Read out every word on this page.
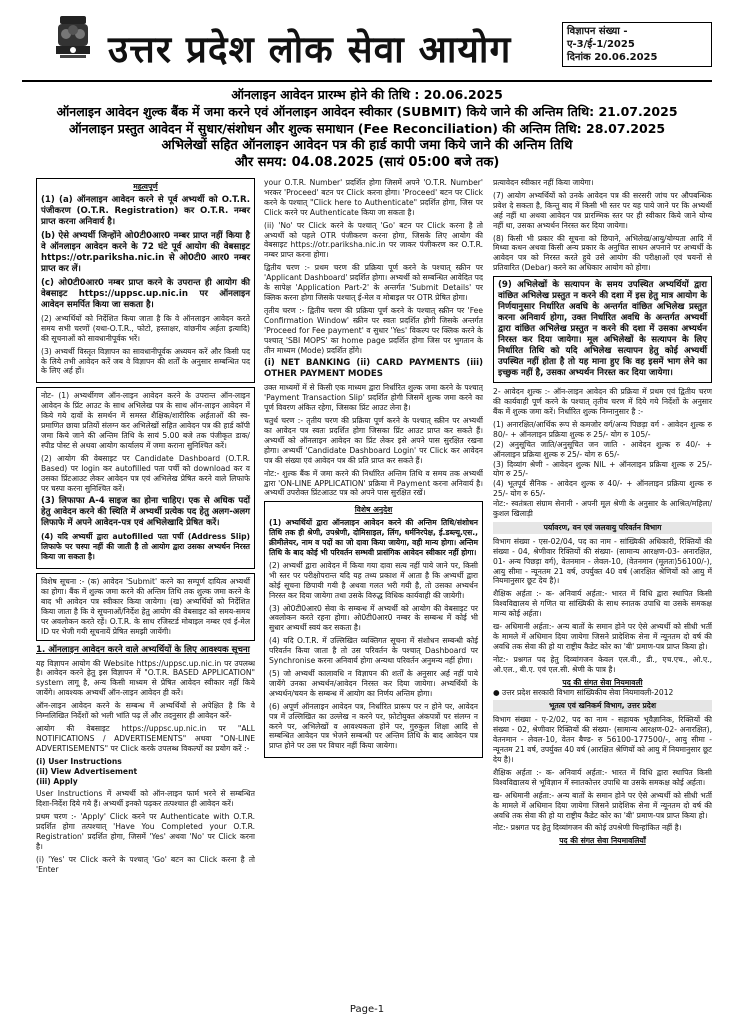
उत्तर प्रदेश लोक सेवा आयोग	विज्ञापन संख्या -
ए-3/ई-1/2025
दिनांक 20.06.2025
ऑनलाइन आवेदन प्रारम्भ होने की तिथि : 20.06.2025
ऑनलाइन आवेदन शुल्क बैंक में जमा करने एवं ऑनलाइन आवेदन स्वीकार (SUBMIT) किये जाने की अन्तिम तिथि: 21.07.2025
ऑनलाइन प्रस्तुत आवेदन में सुधार/संशोधन और शुल्क समाधान (Fee Reconciliation) की अन्तिम तिथि: 28.07.2025
अभिलेखों सहित ऑनलाइन आवेदन पत्र की हार्ड कापी जमा किये जाने की अन्तिम तिथि
और समय: 04.08.2025 (सायं 05:00 बजे तक)
महत्वपूर्ण
(1) (a) ऑनलाइन आवेदन करने से पूर्व अभ्यर्थी को O.T.R. पंजीकरण (O.T.R. Registration) कर O.T.R. नम्बर प्राप्त करना अनिवार्य है।
(b) ऐसे अभ्यर्थी जिन्होंने ओ0टी0आर0 नम्बर प्राप्त नहीं किया है वे ऑनलाइन आवेदन करने के 72 घंटे पूर्व आयोग की वेबसाइट https://otr.pariksha.nic.in से ओ0टी0 आर0 नम्बर प्राप्त कर लें।
(c) ओ0टी0आर0 नम्बर प्राप्त करने के उपरान्त ही आयोग की वेबसाइट https://uppsc.up.nic.in पर ऑनलाइन आवेदन समर्पित किया जा सकता है।
(2) अभ्यर्थियों को निर्देशित किया जाता है कि वे ऑनलाइन आवेदन करते समय सभी चरणों (यथा-O.T.R., फोटो, हस्ताक्षर, वांछनीय अर्हता इत्यादि) की सूचनाओं को सावधानीपूर्वक भरें।
(3) अभ्यर्थी विस्तृत विज्ञापन का सावधानीपूर्वक अध्ययन करें और किसी पद के लिये तभी आवेदन करें जब वे विज्ञापन की शर्तों के अनुसार सम्बन्धित पद के लिए अर्ह हों।
नोट- (1) अभ्यर्थीगण ऑन-लाइन आवेदन करने के उपरान्त ऑन-लाइन आवेदन के प्रिंट आउट के साथ अभिलेख पत्र के साथ ऑन-लाइन आवेदन में किये गये दावों के समर्थन में समस्त शैक्षिक/शारीरिक अर्हताओं की स्व-प्रमाणित छाया प्रतियों संलग्न कर अभिलेखों सहित आवेदन पत्र की हार्ड कॉपी जमा किये जाने की अन्तिम तिथि के सायं 5.00 बजे तक पंजीकृत डाक/स्पीड पोस्ट से अथवा आयोग कार्यालय में जमा कराना सुनिश्चित करें।
(2) आयोग की वेबसाइट पर Candidate Dashboard (O.T.R. Based) पर login कर autofilled पता पर्ची को download कर व उसका प्रिंटआउट लेकर आवेदन पत्र एवं अभिलेख प्रेषित करने वाले लिफाफे पर चस्पा करना सुनिश्चित करें।
(3) लिफाफा A-4 साइज का होना चाहिए। एक से अधिक पदों हेतु आवेदन करने की स्थिति में अभ्यर्थी प्रत्येक पद हेतु अलग-अलग लिफाफे में अपने आवेदन-पत्र एवं अभिलेखादि प्रेषित करें।
(4) यदि अभ्यर्थी द्वारा autofilled पता पर्ची (Address Slip) लिफाफे पर चस्पा नहीं की जाती है तो आयोग द्वारा उसका अभ्यर्थन निरस्त किया जा सकता है।
विशेष सूचना :- (क) आवेदन 'Submit' करने का सम्पूर्ण दायित्व अभ्यर्थी का होगा। बैंक में शुल्क जमा करने की अन्तिम तिथि तक शुल्क जमा करने के बाद भी आवेदन पत्र स्वीकार किया जायेगा। (ख) अभ्यर्थियों को निर्देशित किया जाता है कि वे सूचनाओं/निर्देश हेतु आयोग की वेबसाइट को समय-समय पर अवलोकन करते रहें। O.T.R. के साथ रजिस्टर्ड मोबाइल नम्बर एवं ई-मेल ID पर भेजी गयी सूचनायें प्रेषित समझी जायेंगी।
1. ऑनलाइन आवेदन करने वाले अभ्यर्थियों के लिए आवश्यक सूचना
यह विज्ञापन आयोग की Website https://uppsc.up.nic.in पर उपलब्ध है। आवेदन करने हेतु इस विज्ञापन में "O.T.R. BASED APPLICATION" system लागू है, अन्य किसी माध्यम से प्रेषित आवेदन स्वीकार नहीं किये जायेंगे। आवश्यक अभ्यर्थी ऑन-लाइन आवेदन ही करें।
ऑन-लाइन आवेदन करने के सम्बन्ध में अभ्यर्थियों से अपेक्षित है कि वे निम्नलिखित निर्देशों को भली भांति पढ़ लें और तदनुसार ही आवेदन करें-
आयोग की वेबसाइट https://uppsc.up.nic.in पर "ALL NOTIFICATIONS / ADVERTISEMENTS" अथवा "ON-LINE ADVERTISEMENTS" पर Click करके उपलब्ध विकल्पों का प्रयोग करें :-
(i) User Instructions
(ii) View Advertisement
(iii) Apply
User Instructions में अभ्यर्थी को ऑन-लाइन फार्म भरने से सम्बन्धित दिशा-निर्देश दिये गये हैं। अभ्यर्थी इनको पढ़कर तत्पश्चात ही आवेदन करें।
प्रथम चरण :- 'Apply' Click करने पर Authenticate with O.T.R. प्रदर्शित होगा तत्पश्चात् 'Have You Completed your O.T.R. Registration' प्रदर्शित होगा, जिसमें 'Yes' अथवा 'No' पर Click करना है।
(i) 'Yes' पर Click करने के पश्चात् 'Go' बटन का Click करना है तो 'Enter
your O.T.R. Number' प्रदर्शित होगा जिसमें अपने 'O.T.R. Number' भरकर 'Proceed' बटन पर Click करना होगा। 'Proceed' बटन पर Click करने के पश्चात् "Click here to Authenticate" प्रदर्शित होगा, जिस पर Click करने पर Authenticate किया जा सकता है।
(ii) 'No' पर Click करने के पश्चात् 'Go' बटन पर Click करना है तो अभ्यर्थी को पहले OTR पंजीकरण करना होगा, जिसके लिए आयोग की वेबसाइट https://otr.pariksha.nic.in पर जाकर पंजीकरण कर O.T.R. नम्बर प्राप्त करना होगा।
द्वितीय चरण :- प्रथम चरण की प्रक्रिया पूर्ण करने के पश्चात् स्क्रीन पर 'Applicant Dashboard' प्रदर्शित होगा। अभ्यर्थी को सम्बन्धित आवेदित पद के सापेक्ष 'Application Part-2' के अन्तर्गत 'Submit Details' पर क्लिक करना होगा जिसके पश्चात् ई-मेल व मोबाइल पर OTR प्रेषित होगा।
तृतीय चरण :- द्वितीय चरण की प्रक्रिया पूर्ण करने के पश्चात् स्क्रीन पर 'Fee Confirmation Window' स्क्रीन पर स्वतः प्रदर्शित होगी जिसके अन्तर्गत 'Proceed for Fee payment' व सुधार 'Yes' विकल्प पर क्लिक करने के पश्चात् 'SBI MOPS' का home page प्रदर्शित होगा जिस पर भुगतान के तीन माध्यम (Mode) प्रदर्शित होंगे।
(i) NET BANKING (ii) CARD PAYMENTS (iii) OTHER PAYMENT MODES
उक्त माध्यमों में से किसी एक माध्यम द्वारा निर्धारित शुल्क जमा करने के पश्चात् 'Payment Transaction Slip' प्रदर्शित होगी जिसमें शुल्क जमा करने का पूर्ण विवरण अंकित रहेगा, जिसका प्रिंट आउट लेना है।
चतुर्थ चरण :- तृतीय चरण की प्रक्रिया पूर्ण करने के पश्चात् स्क्रीन पर अभ्यर्थी का आवेदन पत्र स्वतः प्रदर्शित होगा जिसका प्रिंट आउट प्राप्त कर सकते हैं। अभ्यर्थी को ऑनलाइन आवेदन का प्रिंट लेकर इसे अपने पास सुरक्षित रखना होगा। अभ्यर्थी 'Candidate Dashboard Login' पर Click कर आवेदन पत्र की संख्या एवं आवेदन पत्र की प्रति प्राप्त कर सकते हैं।
नोट:- शुल्क बैंक में जमा करने की निर्धारित अन्तिम तिथि व समय तक अभ्यर्थी द्वारा 'ON-LINE APPLICATION' प्रक्रिया में Payment करना अनिवार्य है। अभ्यर्थी उपरोक्त प्रिंटआउट पत्र को अपने पास सुरक्षित रखें।
विशेष अनुदेश
(1) अभ्यर्थियों द्वारा ऑनलाइन आवेदन करने की अन्तिम तिथि/संशोधन तिथि तक ही श्रेणी, उपश्रेणी, दोमिसाइल, लिंग, धर्मनिरपेक्ष, ई.डब्ल्यू.एस., क्रीमीलेयर, नाम व पदों का जो दावा किया जायेगा, वही मान्य होगा। अन्तिम तिथि के बाद कोई भी परिवर्तन सम्भवी प्रासंगिक आवेदन स्वीकार नहीं होगा।
(2) अभ्यर्थी द्वारा आवेदन में किया गया दावा सत्य नहीं पाये जाने पर, किसी भी स्तर पर परीक्षोपरान्त यदि यह तथ्य प्रकाश में आता है कि अभ्यर्थी द्वारा कोई सूचना छिपायी गयी है अथवा गलत भरी गयी है, तो उसका अभ्यर्थन निरस्त कर दिया जायेगा तथा उसके विरुद्ध विधिक कार्यवाही की जायेगी।
(3) ओ0टी0आर0 सेवा के सम्बन्ध में अभ्यर्थी को आयोग की वेबसाइट पर अवलोकन करते रहना होगा। ओ0टी0आर0 नम्बर के सम्बन्ध में कोई भी सुधार अभ्यर्थी स्वयं कर सकता है।
(4) यदि O.T.R. में उल्लिखित व्यक्तिगत सूचना में संशोधन सम्बन्धी कोई परिवर्तन किया जाता है तो उस परिवर्तन के पश्चात् Dashboard पर Synchronise करना अनिवार्य होगा अन्यथा परिवर्तन अनुमन्य नहीं होगा।
(5) जो अभ्यर्थी कालावधि न विज्ञापन की शर्तों के अनुसार अर्ह नहीं पाये जायेंगे उनका अभ्यर्थन/आवेदन निरस्त कर दिया जायेगा। अभ्यर्थियों के अभ्यर्थन/चयन के सम्बन्ध में आयोग का निर्णय अन्तिम होगा।
(6) अपूर्ण ऑनलाइन आवेदन पत्र, निर्धारित प्रारूप पर न होने पर, आवेदन पत्र में उल्लिखित का उल्लेख न करने पर, फ़ोटोयुक्त अंकपत्रों पर संलग्न न करने पर, अभिलेखों व आवश्यकता होने पर, गुरुकुल शिक्षा आदि से सम्बन्धित आवेदन पत्र भेजने सम्बन्धी पर अन्तिम तिथि के बाद आवेदन पत्र प्राप्त होने पर उस पर विचार नहीं किया जायेगा।
प्रत्यावेदन स्वीकार नहीं किया जायेगा।
(7) आयोग अभ्यर्थियों को उनके आवेदन पत्र की सरसरी जांच पर औपबन्धिक प्रवेश दे सकता है, किन्तु बाद में किसी भी स्तर पर यह पाये जाने पर कि अभ्यर्थी अर्ह नहीं था अथवा आवेदन पत्र प्रारम्भिक स्तर पर ही स्वीकार किये जाने योग्य नहीं था, उसका अभ्यर्थन निरस्त कर दिया जायेगा।
(8) किसी भी प्रकार की सूचना को छिपाने, अभिलेख/आयु/योग्यता आदि में मिथ्या कथन अथवा किसी अन्य प्रकार के अनुचित साधन अपनाने पर अभ्यर्थी के आवेदन पत्र को निरस्त करते हुये उसे आयोग की परीक्षाओं एवं चयनों से प्रतिवारित (Debar) करने का अधिकार आयोग को होगा।
(9) अभिलेखों के सत्यापन के समय उपस्थित अभ्यर्थियों द्वारा वांछित अभिलेख प्रस्तुत न करने की दशा में इस हेतु मात्र आयोग के निर्णयानुसार निर्धारित अवधि के अन्तर्गत वांछित अभिलेख प्रस्तुत करना अनिवार्य होगा, उक्त निर्धारित अवधि के अन्तर्गत अभ्यर्थी द्वारा वांछित अभिलेख प्रस्तुत न करने की दशा में उसका अभ्यर्थन निरस्त कर दिया जायेगा। मूल अभिलेखों के सत्यापन के लिए निर्धारित तिथि को यदि अभिलेख सत्यापन हेतु कोई अभ्यर्थी उपस्थित नहीं होता है तो यह माना हुए कि वह इसमें भाग लेने का इच्छुक नहीं है, उसका अभ्यर्थन निरस्त कर दिया जायेगा।
2- आवेदन शुल्क :- ऑन-लाइन आवेदन की प्रक्रिया में प्रथम एवं द्वितीय चरण की कार्यवाही पूर्ण करने के पश्चात् तृतीय चरण में दिये गये निर्देशों के अनुसार बैंक में शुल्क जमा करें। निर्धारित शुल्क निम्नानुसार है :-
(1) अनारक्षित/आर्थिक रूप से कमजोर वर्ग/अन्य पिछड़ा वर्ग - आवेदन शुल्क रु 80/- + ऑनलाइन प्रक्रिया शुल्क रु 25/- योग रु 105/-
(2) अनुसूचित जाति/अनुसूचित जन जाति - आवेदन शुल्क रु 40/- + ऑनलाइन प्रक्रिया शुल्क रु 25/- योग रु 65/-
(3) दिव्यांग श्रेणी - आवेदन शुल्क NIL + ऑनलाइन प्रक्रिया शुल्क रु 25/- योग रु 25/-
(4) भूतपूर्व सैनिक - आवेदन शुल्क रु 40/- + ऑनलाइन प्रक्रिया शुल्क रु 25/- योग रु 65/-
नोट:- स्वतंत्रता संग्राम सेनानी - अपनी मूल श्रेणी के अनुसार के आश्रित/महिला/कुशल खिलाड़ी
पर्यावरण, वन एवं जलवायु परिवर्तन विभाग
विभाग संख्या - एस-02/04, पद का नाम - सांख्यिकी अधिकारी, रिक्तियों की संख्या - 04, श्रेणीवार रिक्तियों की संख्या- (सामान्य आरक्षण-03- अनारक्षित, 01- अन्य पिछड़ा वर्ग), वेतनमान - लेवल-10, (वेतनमान (मूलतः)56100/-), आयु सीमा - न्यूनतम 21 वर्ष, उपर्युक्त 40 वर्ष (आरक्षित श्रेणियों को आयु में नियमानुसार छूट देय है)।
शैक्षिक अर्हता :- क- अनिवार्य अर्हता:- भारत में विधि द्वारा स्थापित किसी विश्वविद्यालय से गणित या सांख्यिकी के साथ स्नातक उपाधि या उसके समकक्ष मान्य कोई अर्हता।
ख- अधिमानी अर्हता:- अन्य बातों के समान होने पर ऐसे अभ्यर्थी को सीधी भर्ती के मामले में अधिमान दिया जायेगा जिसने प्रादेशिक सेना में न्यूनतम दो वर्ष की अवधि तक सेवा की हो या राष्ट्रीय कैडेट कोर का 'बी' प्रमाण-पत्र प्राप्त किया हो।
नोट:- प्रश्नगत पद हेतु दिव्यांगजन केवल एल.वी., डी., एच.एच., ओ.ए., ओ.एल., बी.ए. एवं एल.सी. श्रेणी के पात्र है।
पद की संगत सेवा नियमावली
● उत्तर प्रदेश सरकारी विभाग सांख्यिकीय सेवा नियमावली-2012
भूतत्व एवं खनिकर्म विभाग, उत्तर प्रदेश
विभाग संख्या - ए-2/02, पद का नाम - सहायक भूवैज्ञानिक, रिक्तियों की संख्या - 02, श्रेणीवार रिक्तियों की संख्या- (सामान्य आरक्षण-02- अनारक्षित), वेतनमान - लेवल-10, वेतन बैण्ड- रु 56100-177500/-, आयु सीमा - न्यूनतम 21 वर्ष, उपर्युक्त 40 वर्ष (आरक्षित श्रेणियों को आयु में नियमानुसार छूट देय है)।
शैक्षिक अर्हता :- क- अनिवार्य अर्हता:- भारत में विधि द्वारा स्थापित किसी विश्वविद्यालय से भूविज्ञान में स्नातकोत्तर उपाधि या उसके समकक्ष कोई अर्हता।
ख- अधिमानी अर्हता:- अन्य बातों के समान होने पर ऐसे अभ्यर्थी को सीधी भर्ती के मामले में अधिमान दिया जायेगा जिसने प्रादेशिक सेना में न्यूनतम दो वर्ष की अवधि तक सेवा की हो या राष्ट्रीय कैडेट कोर का 'बी' प्रमाण-पत्र प्राप्त किया हो।
नोट:- प्रश्नगत पद हेतु दिव्यांगजन की कोई उपश्रेणी चिन्हांकित नहीं है।
पद की संगत सेवा नियमावलियाँ
Page-1
